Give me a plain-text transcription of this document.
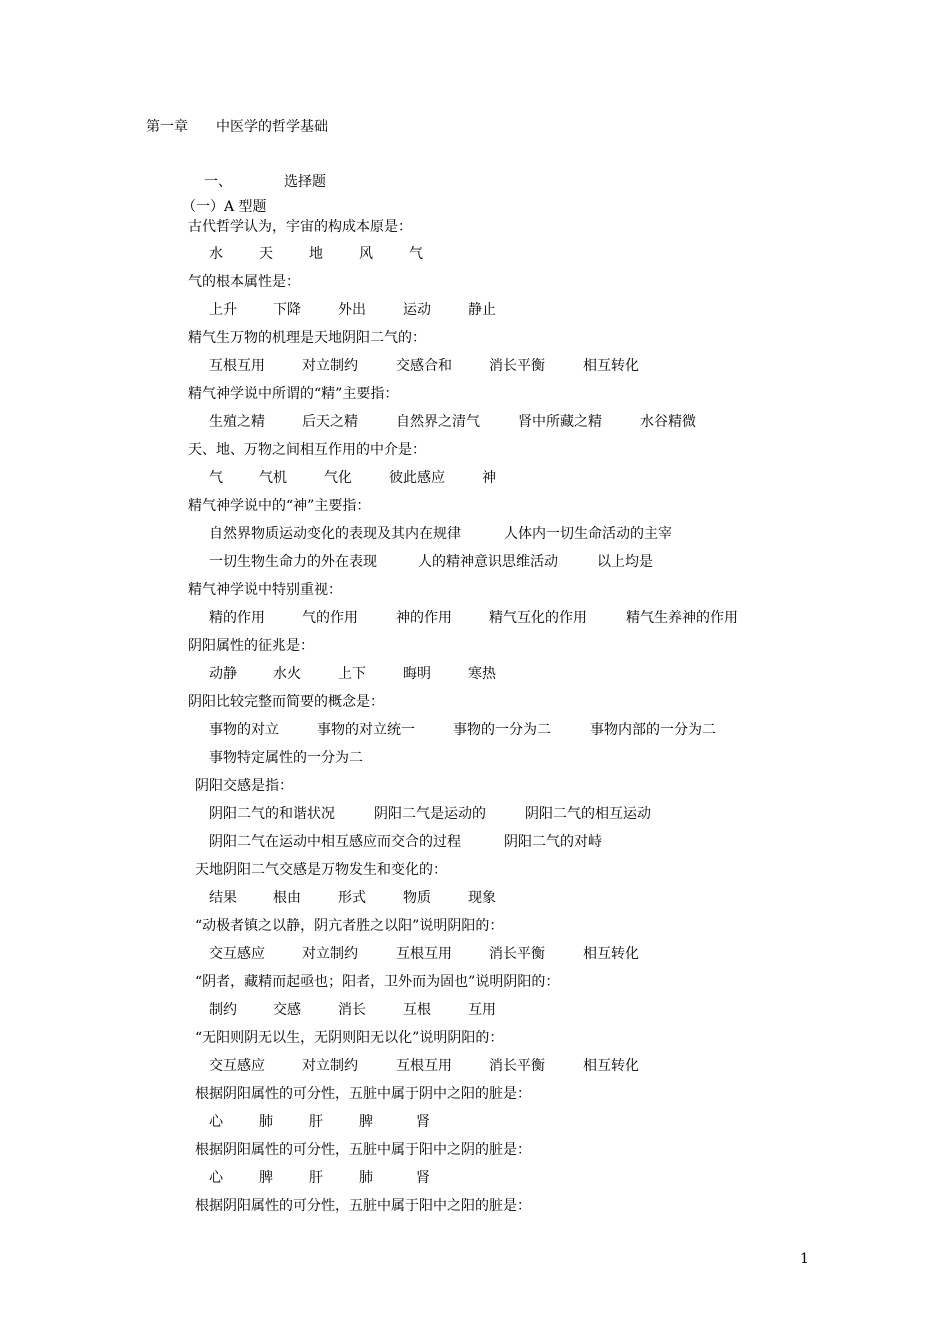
第一章 中医学的哲学基础
一、	选择题
（一）A 型题
古代哲学认为，宇宙的构成本原是：
水	天	地	风	气
气的根本属性是：
上升	下降	外出	运动	静止
精气生万物的机理是天地阴阳二气的：
互根互用	对立制约	交感合和	消长平衡	相互转化
精气神学说中所谓的“精”主要指：
生殖之精	后天之精	自然界之清气	肾中所藏之精	水谷精微
天、地、万物之间相互作用的中介是：
气	气机	气化	彼此感应	神
精气神学说中的“神”主要指：
自然界物质运动变化的表现及其内在规律	人体内一切生命活动的主宰
一切生物生命力的外在表现	人的精神意识思维活动	以上均是
精气神学说中特别重视：
精的作用	气的作用	神的作用	精气互化的作用	精气生养神的作用
阴阳属性的征兆是：
动静	水火	上下	晦明	寒热
阴阳比较完整而简要的概念是：
事物的对立	事物的对立统一	事物的一分为二	事物内部的一分为二
事物特定属性的一分为二
阴阳交感是指：
阴阳二气的和谐状况	阴阳二气是运动的	阴阳二气的相互运动
阴阳二气在运动中相互感应而交合的过程	阴阳二气的对峙
天地阴阳二气交感是万物发生和变化的：
结果	根由	形式	物质	现象
“动极者镇之以静，阴亢者胜之以阳”说明阴阳的：
交互感应	对立制约	互根互用	消长平衡	相互转化
“阴者，藏精而起亟也；阳者，卫外而为固也”说明阴阳的：
制约	交感	消长	互根	互用
“无阳则阴无以生，无阴则阳无以化”说明阴阳的：
交互感应	对立制约	互根互用	消长平衡	相互转化
根据阴阳属性的可分性，五脏中属于阴中之阳的脏是：
心	肺	肝	脾	肾
根据阴阳属性的可分性，五脏中属于阳中之阴的脏是：
心	脾	肝	肺	肾
根据阴阳属性的可分性，五脏中属于阳中之阳的脏是：
1
